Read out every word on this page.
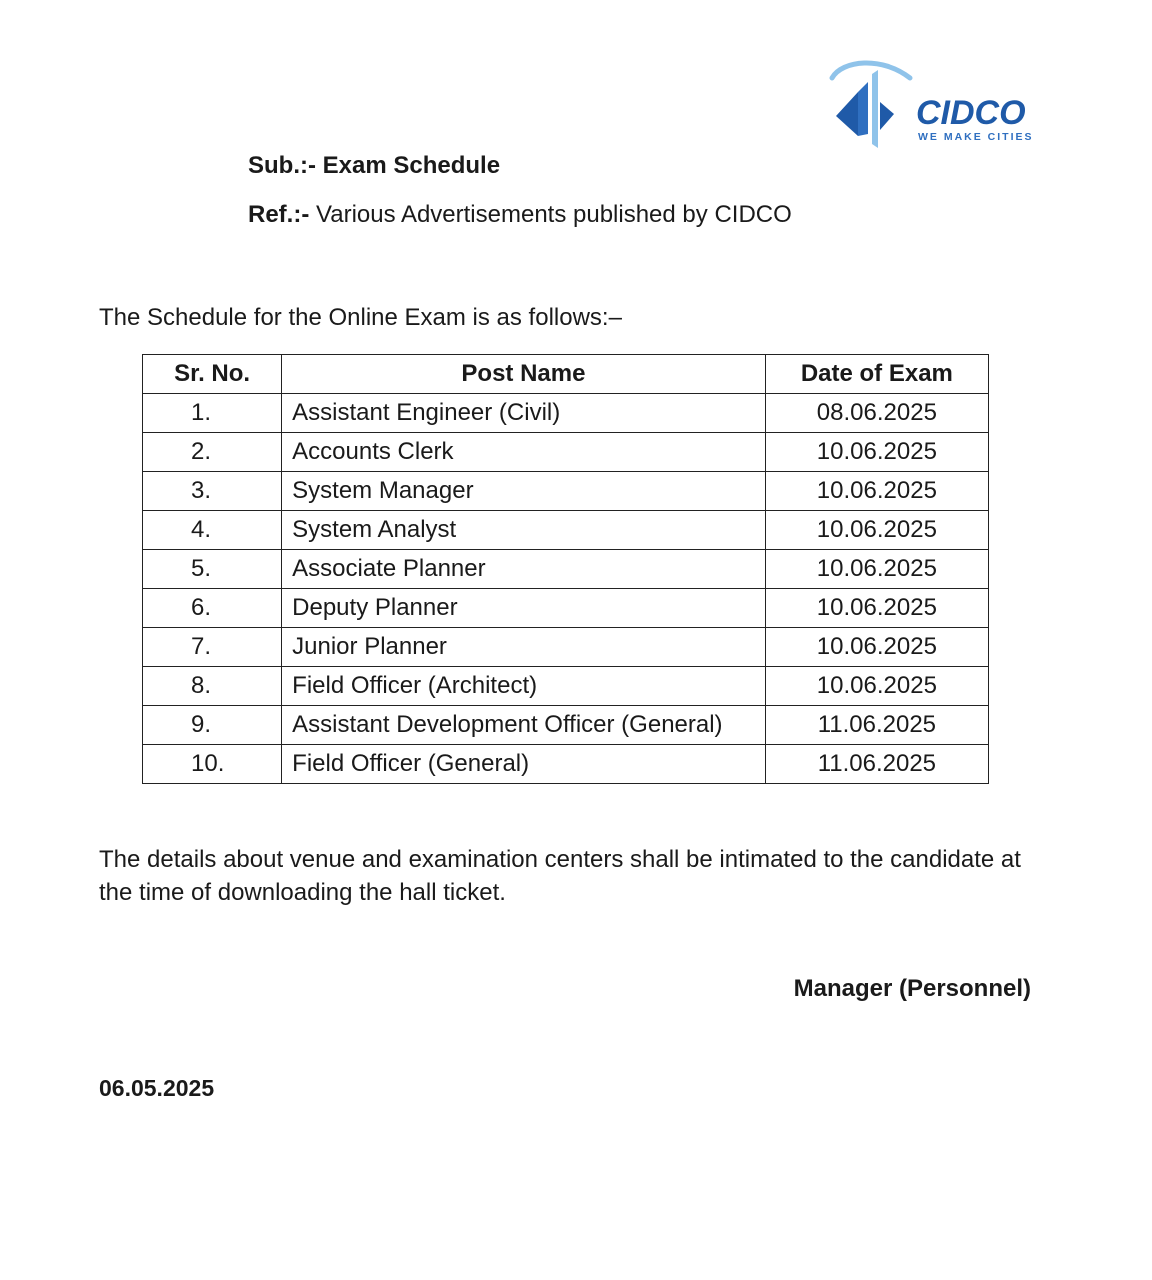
CIDCO
WE MAKE CITIES
Sub.:- Exam Schedule
Ref.:- Various Advertisements published by CIDCO
The Schedule for the Online Exam is as follows:–
Sr. No.	Post Name	Date of Exam
1.	Assistant Engineer (Civil)	08.06.2025
2.	Accounts Clerk	10.06.2025
3.	System Manager	10.06.2025
4.	System Analyst	10.06.2025
5.	Associate Planner	10.06.2025
6.	Deputy Planner	10.06.2025
7.	Junior Planner	10.06.2025
8.	Field Officer (Architect)	10.06.2025
9.	Assistant Development Officer (General)	11.06.2025
10.	Field Officer (General)	11.06.2025
The details about venue and examination centers shall be intimated to the candidate at the time of downloading the hall ticket.
Manager (Personnel)
06.05.2025
